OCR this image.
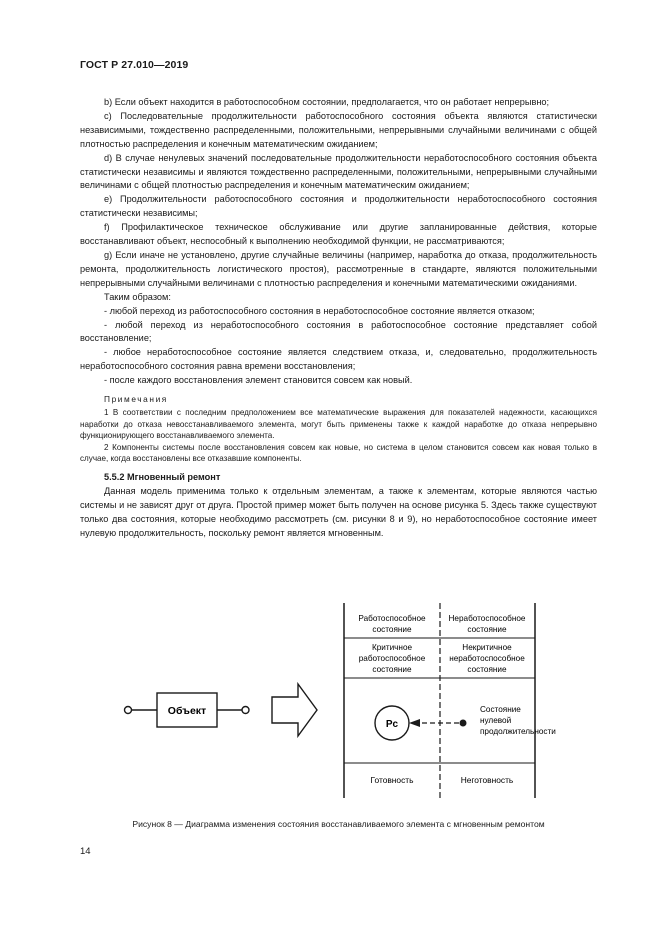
ГОСТ Р 27.010—2019

b) Если объект находится в работоспособном состоянии, предполагается, что он работает непрерывно;

c) Последовательные продолжительности работоспособного состояния объекта являются статистически независимыми, тождественно распределенными, положительными, непрерывными случайными величинами с общей плотностью распределения и конечным математическим ожиданием;

d) В случае ненулевых значений последовательные продолжительности неработоспособного состояния объекта статистически независимы и являются тождественно распределенными, положительными, непрерывными случайными величинами с общей плотностью распределения и конечным математическим ожиданием;

e) Продолжительности работоспособного состояния и продолжительности неработоспособного состояния статистически независимы;

f) Профилактическое техническое обслуживание или другие запланированные действия, которые восстанавливают объект, неспособный к выполнению необходимой функции, не рассматриваются;

g) Если иначе не установлено, другие случайные величины (например, наработка до отказа, продолжительность ремонта, продолжительность логистического простоя), рассмотренные в стандарте, являются положительными непрерывными случайными величинами с плотностью распределения и конечными математическими ожиданиями.

Таким образом:

- любой переход из работоспособного состояния в неработоспособное состояние является отказом;

- любой переход из неработоспособного состояния в работоспособное состояние представляет собой восстановление;

- любое неработоспособное состояние является следствием отказа, и, следовательно, продолжительность неработоспособного состояния равна времени восстановления;

- после каждого восстановления элемент становится совсем как новый.

Примечания

1 В соответствии с последним предположением все математические выражения для показателей надежности, касающихся наработки до отказа невосстанавливаемого элемента, могут быть применены также к каждой наработке до отказа непрерывно функционирующего восстанавливаемого элемента.

2 Компоненты системы после восстановления совсем как новые, но система в целом становится совсем как новая только в случае, когда восстановлены все отказавшие компоненты.

5.5.2 Мгновенный ремонт

Данная модель применима только к отдельным элементам, а также к элементам, которые являются частью системы и не зависят друг от друга. Простой пример может быть получен на основе рисунка 5. Здесь также существуют только два состояния, которые необходимо рассмотреть (см. рисунки 8 и 9), но неработоспособное состояние имеет нулевую продолжительность, поскольку ремонт является мгновенным.

Объект
Работоспособное
состояние
Неработоспособное
состояние
Критичное
работоспособное
состояние
Некритичное
неработоспособное
состояние
Рс
Состояние
нулевой
продолжительности
Готовность	Неготовность
Рисунок 8 — Диаграмма изменения состояния восстанавливаемого элемента с мгновенным ремонтом
14
